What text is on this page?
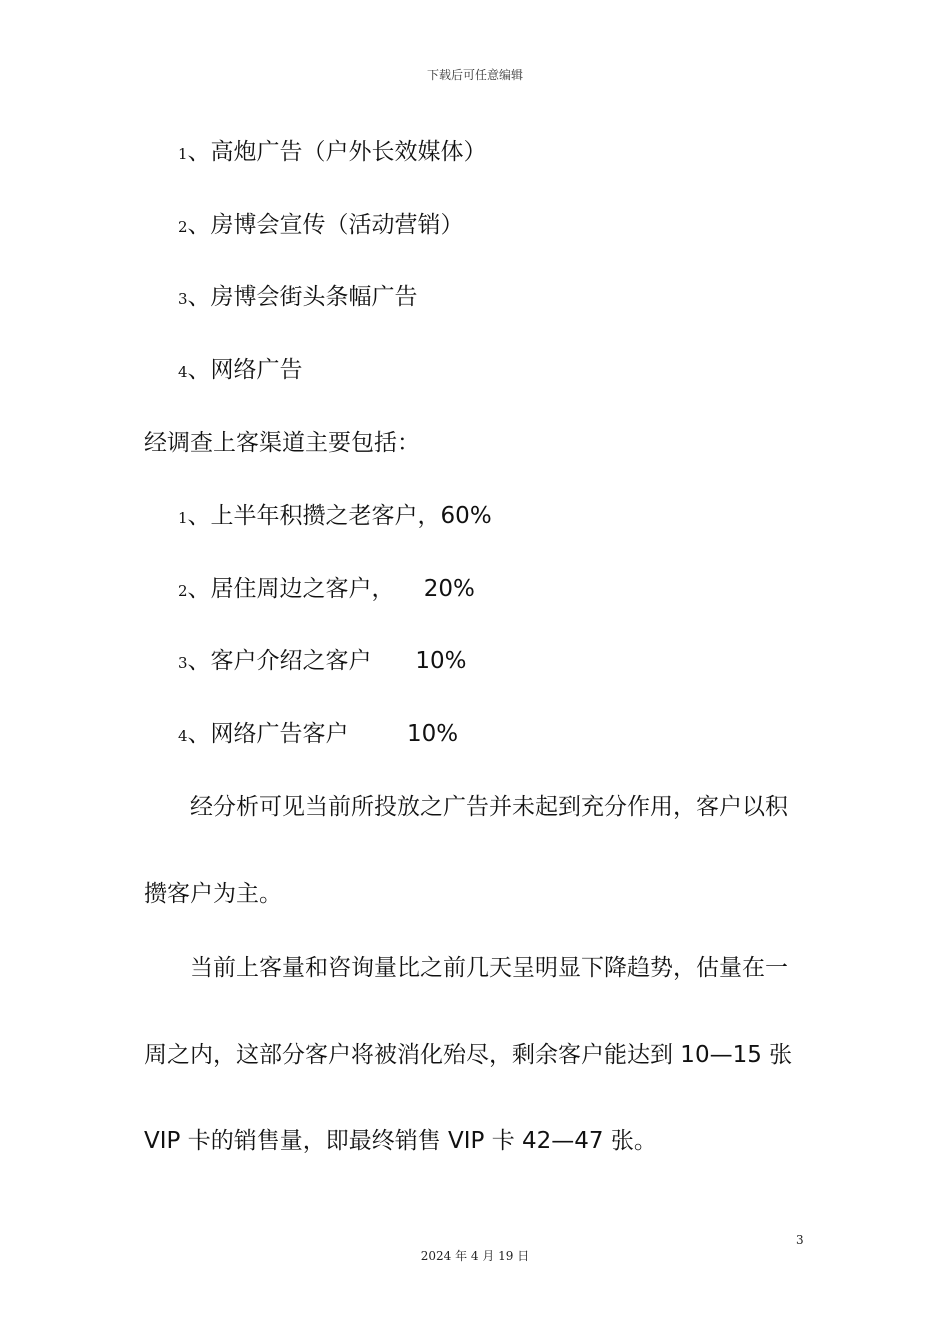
下载后可任意编辑
1、高炮广告（户外长效媒体）
2、房博会宣传（活动营销）
3、房博会街头条幅广告
4、网络广告
经调查上客渠道主要包括：
1、上半年积攒之老客户，60%
2、居住周边之客户，    20%
3、客户介绍之客户      10%
4、网络广告客户        10%
经分析可见当前所投放之广告并未起到充分作用，客户以积
攒客户为主。
当前上客量和咨询量比之前几天呈明显下降趋势，估量在一
周之内，这部分客户将被消化殆尽，剩余客户能达到 10—15 张
VIP 卡的销售量，即最终销售 VIP 卡 42—47 张。
3
2024 年 4 月 19 日
